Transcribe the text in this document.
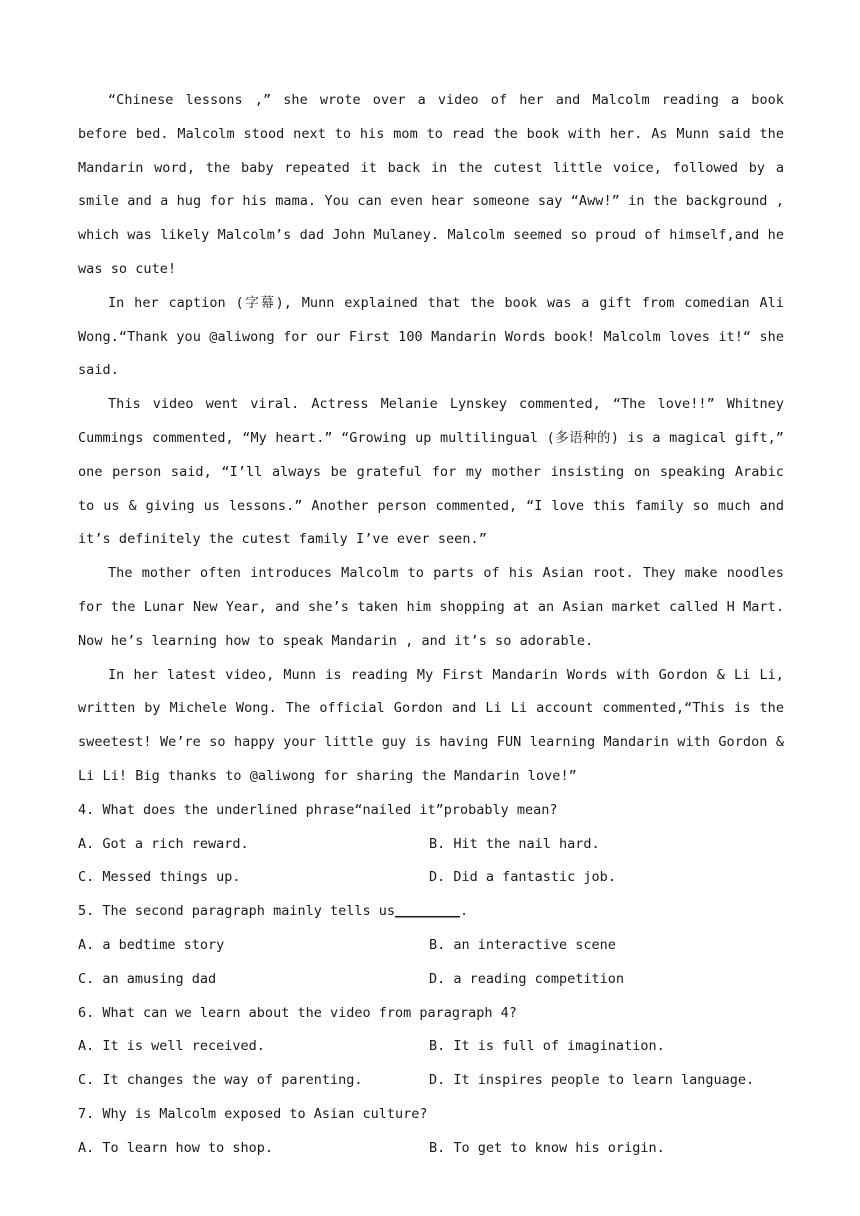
“Chinese lessons ,” she wrote over a video of her and Malcolm reading a book before bed. Malcolm stood next to his mom to read the book with her. As Munn said the Mandarin word, the baby repeated it back in the cutest little voice, followed by a smile and a hug for his mama. You can even hear someone say “Aww!” in the background , which was likely Malcolm’s dad John Mulaney. Malcolm seemed so proud of himself,and he was so cute!

In her caption (字幕), Munn explained that the book was a gift from comedian Ali Wong.“Thank you @aliwong for our First 100 Mandarin Words book! Malcolm loves it!“ she said.

This video went viral. Actress Melanie Lynskey commented, “The love!!” Whitney Cummings commented, “My heart.” “Growing up multilingual (多语种的) is a magical gift,” one person said, “I’ll always be grateful for my mother insisting on speaking Arabic to us & giving us lessons.” Another person commented, “I love this family so much and it’s definitely the cutest family I’ve ever seen.”

The mother often introduces Malcolm to parts of his Asian root. They make noodles for the Lunar New Year, and she’s taken him shopping at an Asian market called H Mart. Now he’s learning how to speak Mandarin , and it’s so adorable.

In her latest video, Munn is reading My First Mandarin Words with Gordon & Li Li, written by Michele Wong. The official Gordon and Li Li account commented,“This is the sweetest! We’re so happy your little guy is having FUN learning Mandarin with Gordon & Li Li! Big thanks to @aliwong for sharing the Mandarin love!”

4. What does the underlined phrase“nailed it”probably mean?

A. Got a rich reward.	B. Hit the nail hard.
C. Messed things up.	D. Did a fantastic job.

5. The second paragraph mainly tells us________.

A. a bedtime story	B. an interactive scene
C. an amusing dad	D. a reading competition

6. What can we learn about the video from paragraph 4?

A. It is well received.	B. It is full of imagination.
C. It changes the way of parenting.	D. It inspires people to learn language.

7. Why is Malcolm exposed to Asian culture?

A. To learn how to shop.	B. To get to know his origin.
